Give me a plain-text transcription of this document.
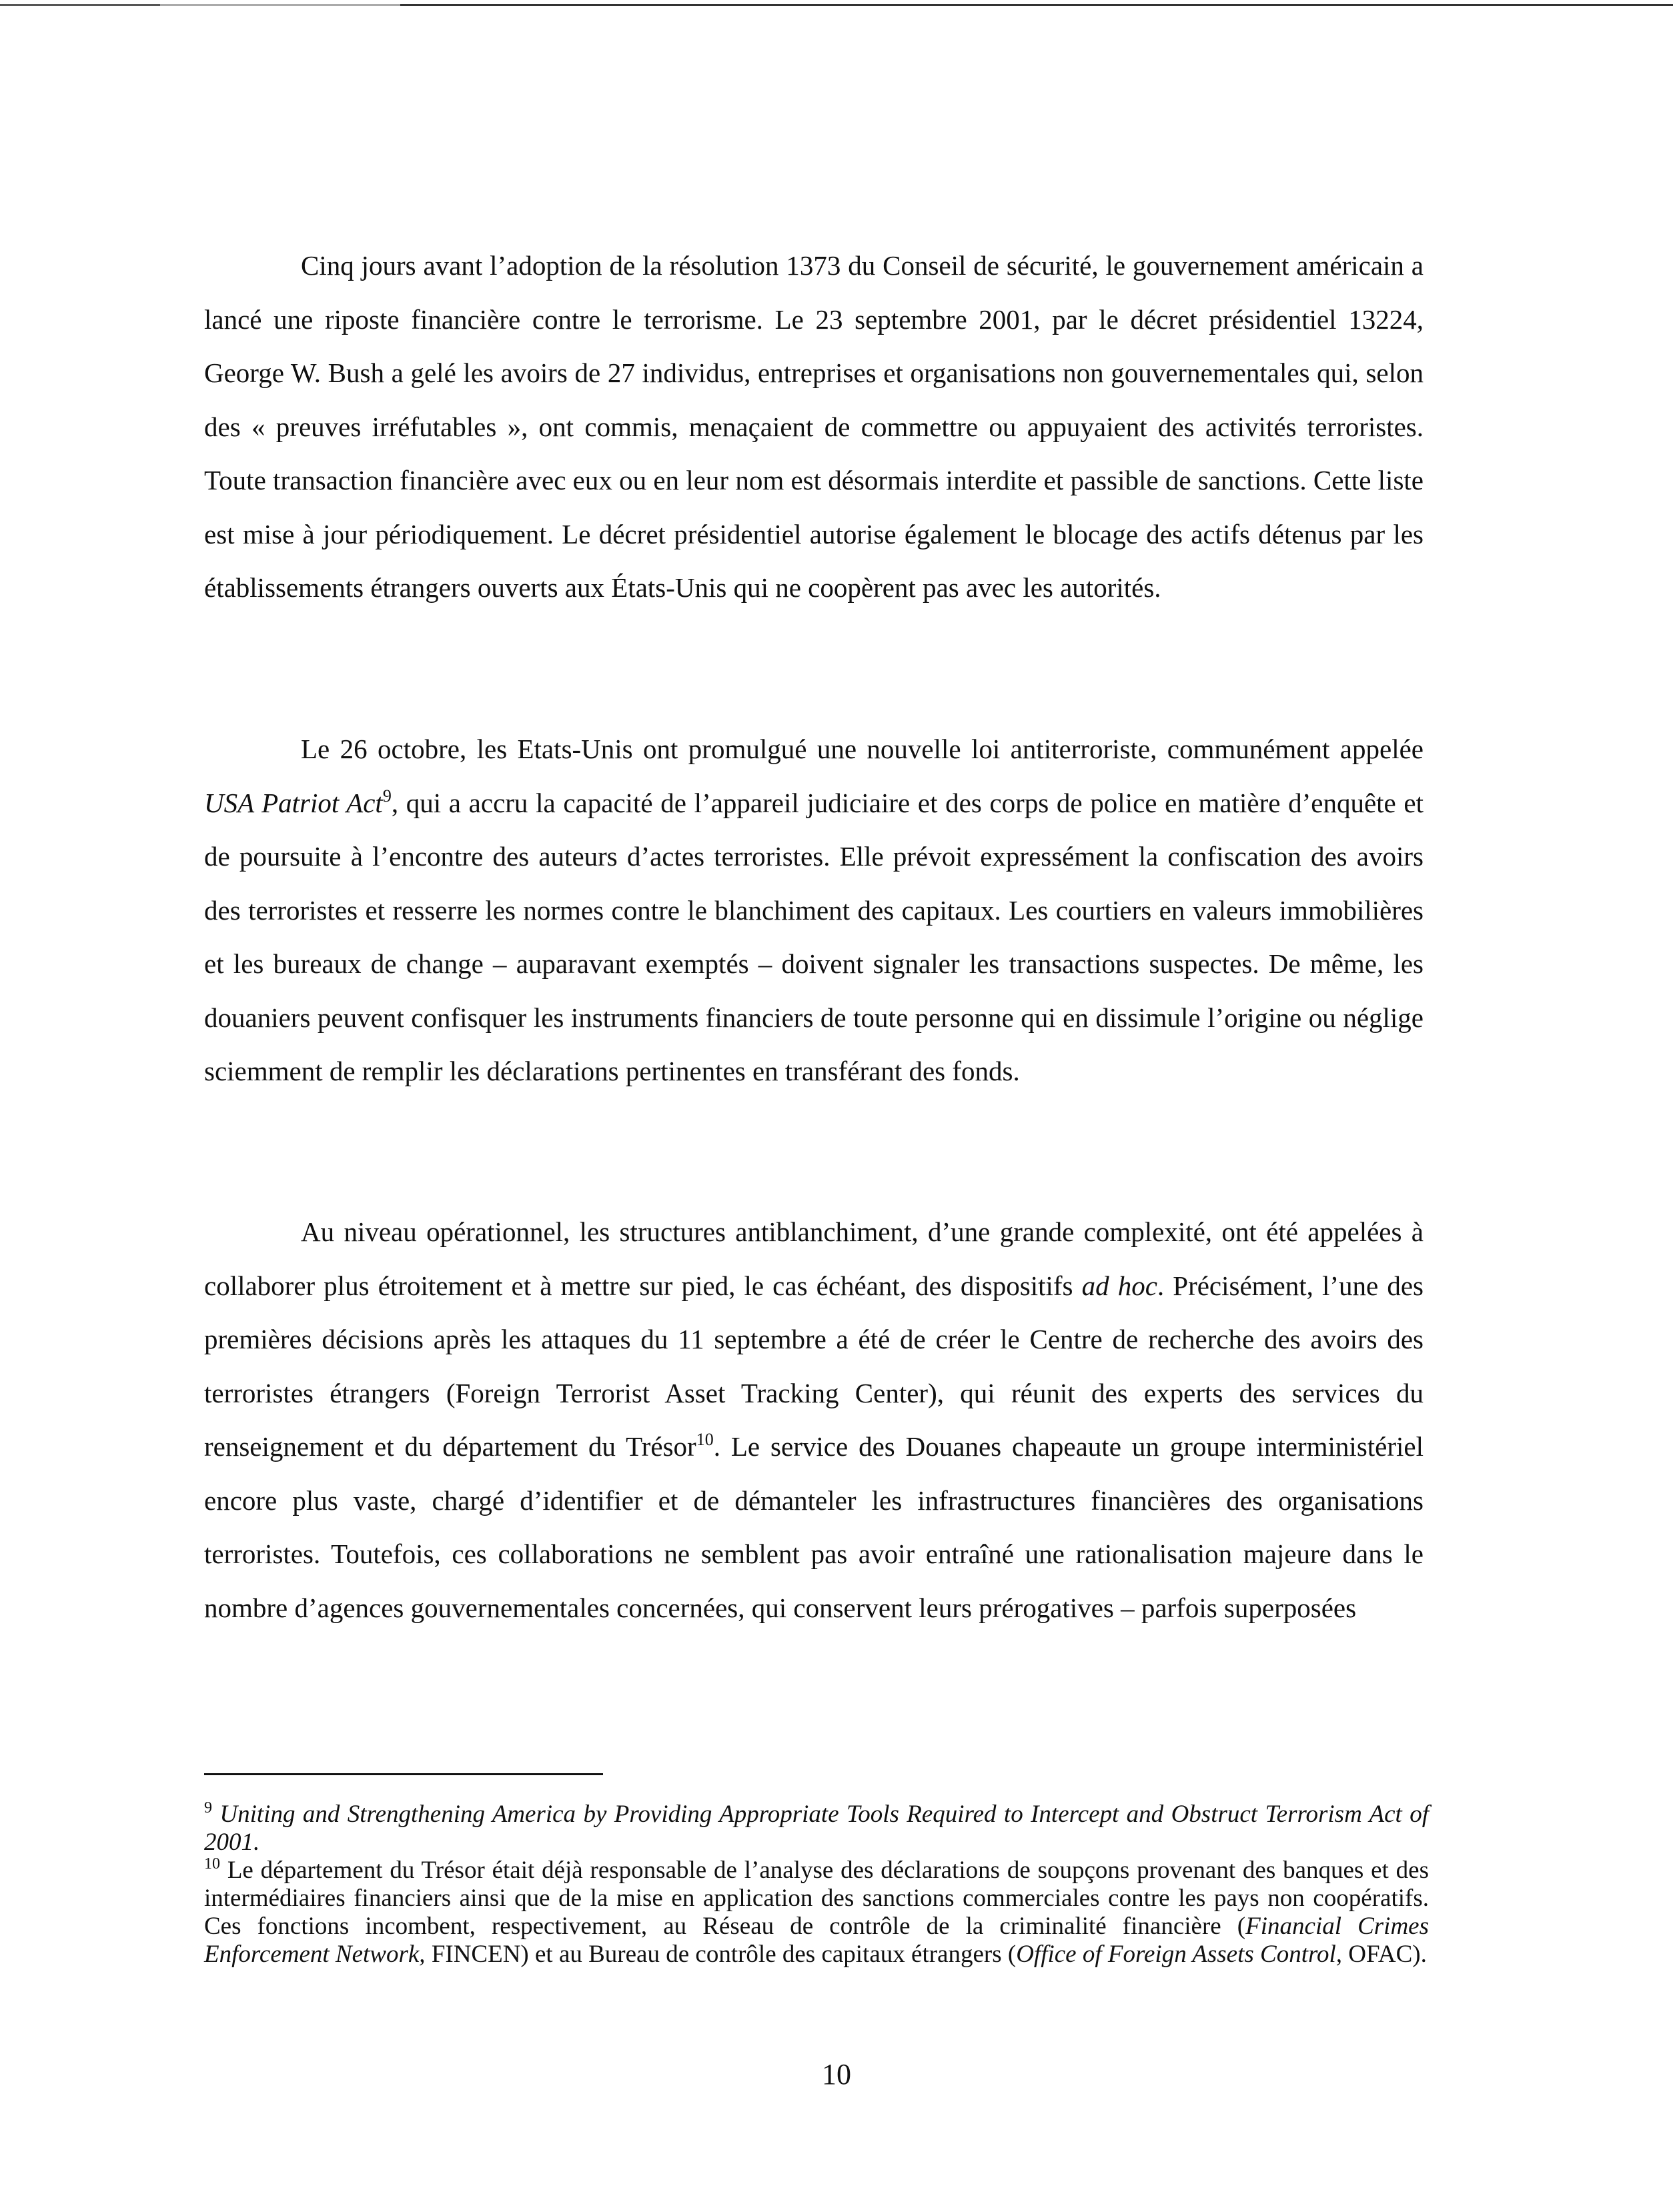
Cinq jours avant l’adoption de la résolution 1373 du Conseil de sécurité, le gouvernement américain a lancé une riposte financière contre le terrorisme. Le 23 septembre 2001, par le décret présidentiel 13224, George W. Bush a gelé les avoirs de 27 individus, entreprises et organisations non gouvernementales qui, selon des « preuves irréfutables », ont commis, menaçaient de commettre ou appuyaient des activités terroristes. Toute transaction financière avec eux ou en leur nom est désormais interdite et passible de sanctions. Cette liste est mise à jour périodiquement. Le décret présidentiel autorise également le blocage des actifs détenus par les établissements étrangers ouverts aux États-Unis qui ne coopèrent pas avec les autorités.

Le 26 octobre, les Etats-Unis ont promulgué une nouvelle loi antiterroriste, communément appelée USA Patriot Act$^9$, qui a accru la capacité de l’appareil judiciaire et des corps de police en matière d’enquête et de poursuite à l’encontre des auteurs d’actes terroristes. Elle prévoit expressément la confiscation des avoirs des terroristes et resserre les normes contre le blanchiment des capitaux. Les courtiers en valeurs immobilières et les bureaux de change – auparavant exemptés – doivent signaler les transactions suspectes. De même, les douaniers peuvent confisquer les instruments financiers de toute personne qui en dissimule l’origine ou néglige sciemment de remplir les déclarations pertinentes en transférant des fonds.

Au niveau opérationnel, les structures antiblanchiment, d’une grande complexité, ont été appelées à collaborer plus étroitement et à mettre sur pied, le cas échéant, des dispositifs ad hoc. Précisément, l’une des premières décisions après les attaques du 11 septembre a été de créer le Centre de recherche des avoirs des terroristes étrangers (Foreign Terrorist Asset Tracking Center), qui réunit des experts des services du renseignement et du département du Trésor$^{10}$. Le service des Douanes chapeaute un groupe interministériel encore plus vaste, chargé d’identifier et de démanteler les infrastructures financières des organisations terroristes. Toutefois, ces collaborations ne semblent pas avoir entraîné une rationalisation majeure dans le nombre d’agences gouvernementales concernées, qui conservent leurs prérogatives – parfois superposées

$^9$ Uniting and Strengthening America by Providing Appropriate Tools Required to Intercept and Obstruct Terrorism Act of 2001.

$^{10}$ Le département du Trésor était déjà responsable de l’analyse des déclarations de soupçons provenant des banques et des intermédiaires financiers ainsi que de la mise en application des sanctions commerciales contre les pays non coopératifs. Ces fonctions incombent, respectivement, au Réseau de contrôle de la criminalité financière (Financial Crimes Enforcement Network, FINCEN) et au Bureau de contrôle des capitaux étrangers (Office of Foreign Assets Control, OFAC).

10
